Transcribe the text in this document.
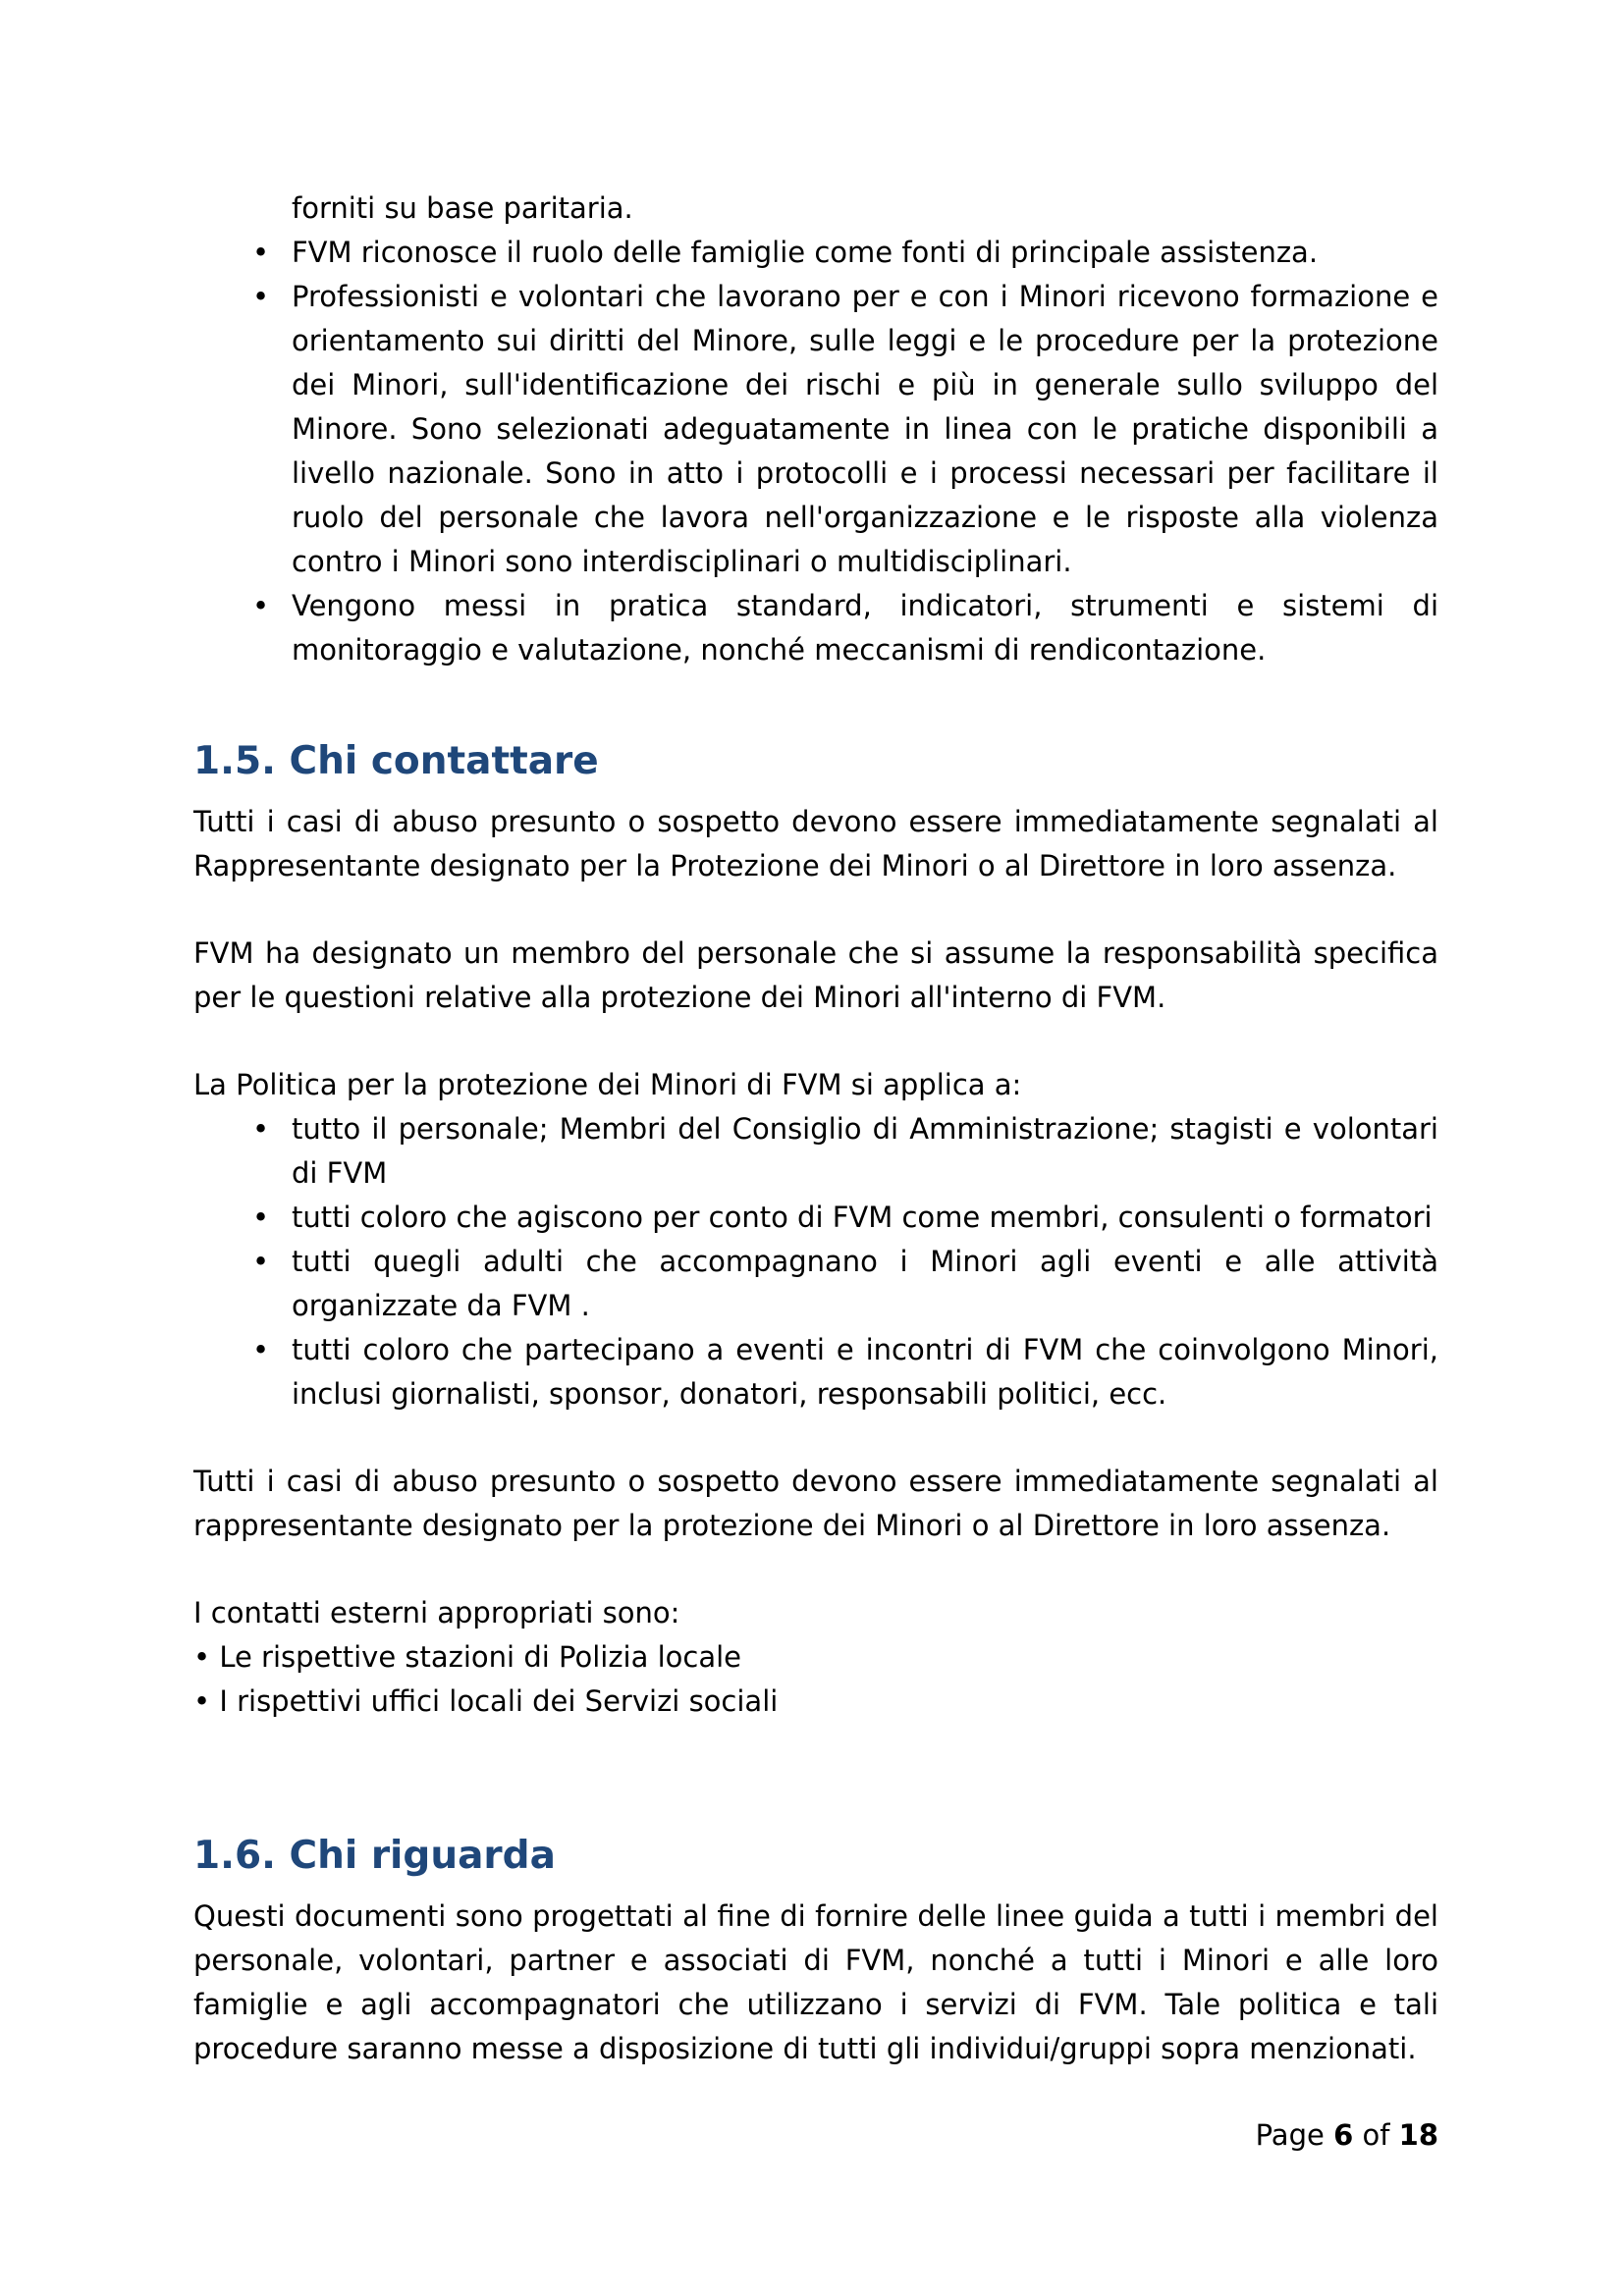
forniti su base paritaria.
• FVM riconosce il ruolo delle famiglie come fonti di principale assistenza.
• Professionisti e volontari che lavorano per e con i Minori ricevono formazione e orientamento sui diritti del Minore, sulle leggi e le procedure per la protezione dei Minori, sull'identificazione dei rischi e più in generale sullo sviluppo del Minore. Sono selezionati adeguatamente in linea con le pratiche disponibili a livello nazionale. Sono in atto i protocolli e i processi necessari per facilitare il ruolo del personale che lavora nell'organizzazione e le risposte alla violenza contro i Minori sono interdisciplinari o multidisciplinari.
• Vengono messi in pratica standard, indicatori, strumenti e sistemi di monitoraggio e valutazione, nonché meccanismi di rendicontazione.
1.5. Chi contattare

Tutti i casi di abuso presunto o sospetto devono essere immediatamente segnalati al Rappresentante designato per la Protezione dei Minori o al Direttore in loro assenza.

FVM ha designato un membro del personale che si assume la responsabilità specifica per le questioni relative alla protezione dei Minori all'interno di FVM.

La Politica per la protezione dei Minori di FVM si applica a:

• tutto il personale; Membri del Consiglio di Amministrazione; stagisti e volontari di FVM
• tutti coloro che agiscono per conto di FVM come membri, consulenti o formatori
• tutti quegli adulti che accompagnano i Minori agli eventi e alle attività organizzate da FVM .
• tutti coloro che partecipano a eventi e incontri di FVM che coinvolgono Minori, inclusi giornalisti, sponsor, donatori, responsabili politici, ecc.

Tutti i casi di abuso presunto o sospetto devono essere immediatamente segnalati al rappresentante designato per la protezione dei Minori o al Direttore in loro assenza.

I contatti esterni appropriati sono:

• Le rispettive stazioni di Polizia locale
• I rispettivi uffici locali dei Servizi sociali
1.6. Chi riguarda

Questi documenti sono progettati al fine di fornire delle linee guida a tutti i membri del personale, volontari, partner e associati di FVM, nonché a tutti i Minori e alle loro famiglie e agli accompagnatori che utilizzano i servizi di FVM. Tale politica e tali procedure saranno messe a disposizione di tutti gli individui/gruppi sopra menzionati.

Page 6 of 18
